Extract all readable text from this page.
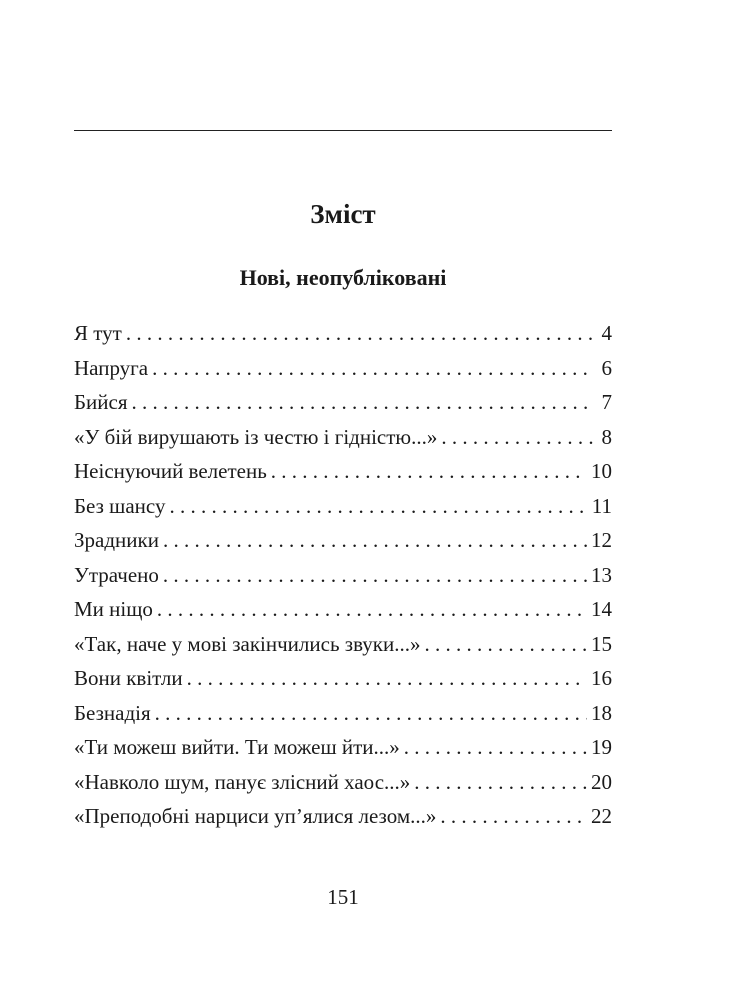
Зміст
Нові, неопубліковані
Я тут . . .	4
Напруга . . .	6
Бийся . . .	7
«У бій вирушають із честю і гідністю...» . . .	8
Неіснуючий велетень . . .	10
Без шансу . . .	11
Зрадники . . .	12
Утрачено . . .	13
Ми ніщо . . .	14
«Так, наче у мові закінчились звуки...» . . .	15
Вони квітли . . .	16
Безнадія . . .	18
«Ти можеш вийти. Ти можеш йти...» . . .	19
«Навколо шум, панує злісний хаос...» . . .	20
«Преподобні нарциси уп’ялися лезом...» . . .	22
151
